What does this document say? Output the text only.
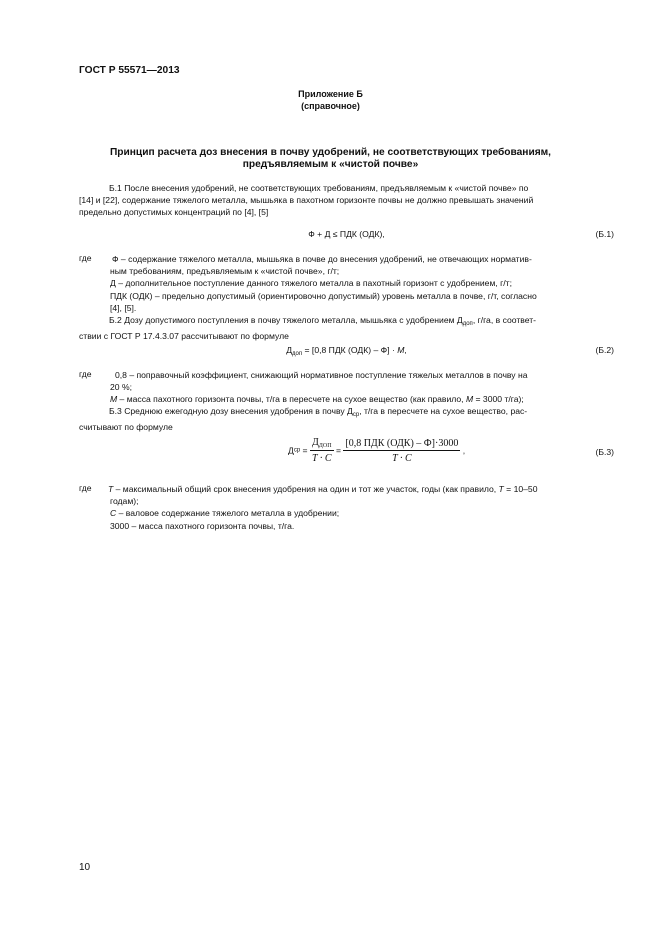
ГОСТ Р 55571—2013
Приложение Б
(справочное)
Принцип расчета доз внесения в почву удобрений, не соответствующих требованиям,
предъявляемым к «чистой почве»
Б.1 После внесения удобрений, не соответствующих требованиям, предъявляемым к «чистой почве» по
[14] и [22], содержание тяжелого металла, мышьяка в пахотном горизонте почвы не должно превышать значений
предельно допустимых концентраций по [4], [5]
Ф + Д ≤ ПДК (ОДК),	(Б.1)
где Ф – содержание тяжелого металла, мышьяка в почве до внесения удобрений, не отвечающих норматив-
ным требованиям, предъявляемым к «чистой почве», г/т;
Д – дополнительное поступление данного тяжелого металла в пахотный горизонт с удобрением, г/т;
ПДК (ОДК) – предельно допустимый (ориентировочно допустимый) уровень металла в почве, г/т, согласно
[4], [5].
Б.2 Дозу допустимого поступления в почву тяжелого металла, мышьяка с удобрением $Д_{доп}$, г/га, в соответ-
ствии с ГОСТ Р 17.4.3.07 рассчитывают по формуле
$Д_{доп} = [0,8$ ПДК (ОДК) – Ф] · М,	(Б.2)
где	0,8 – поправочный коэффициент, снижающий нормативное поступление тяжелых металлов в почву на
20 %;
М – масса пахотного горизонта почвы, т/га в пересчете на сухое вещество (как правило, М = 3000 т/га);
Б.3 Среднюю ежегодную дозу внесения удобрения в почву $Д_{ср}$, т/га в пересчете на сухое вещество, рас-
считывают по формуле
Дср = $\frac{Д_{ДОП}}{T \cdot C} = \frac{\text{[0,8 ПДК (ОДК) – Ф]·3000}}{T \cdot C}$ ,	(Б.3)
где T – максимальный общий срок внесения удобрения на один и тот же участок, годы (как правило, T = 10–50
годам);
C – валовое содержание тяжелого металла в удобрении;
3000 – масса пахотного горизонта почвы, т/га.
10
